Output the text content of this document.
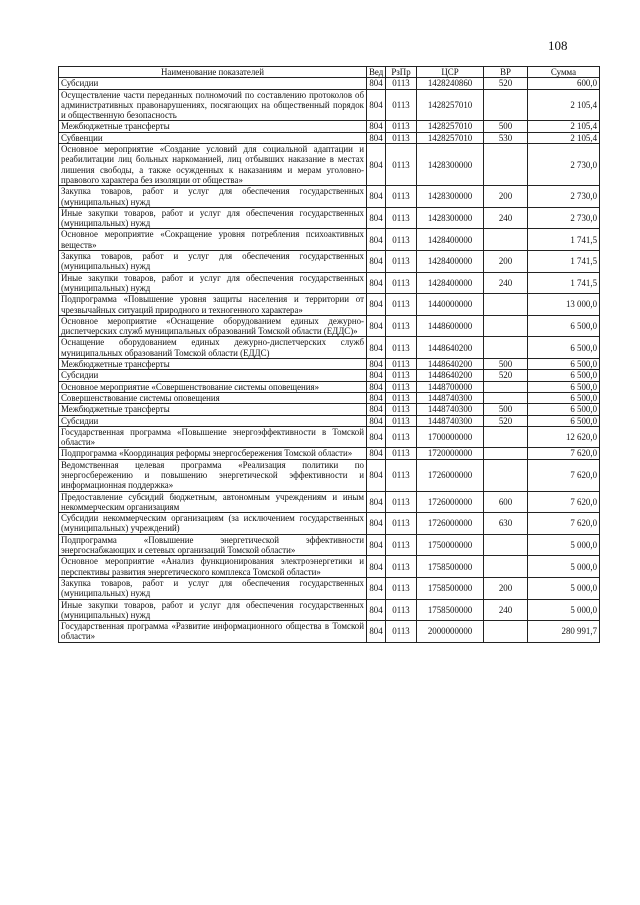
108
Наименование показателей	Вед	РзПр	ЦСР	ВР	Сумма
Субсидии	804	0113	1428240860	520	600,0
Осуществление части переданных полномочий по составлению протоколов об административных правонарушениях, посягающих на общественный порядок и общественную безопасность	804	0113	1428257010		2 105,4
Межбюджетные трансферты	804	0113	1428257010	500	2 105,4
Субвенции	804	0113	1428257010	530	2 105,4
Основное мероприятие «Создание условий для социальной адаптации и реабилитации лиц больных наркоманией, лиц отбывших наказание в местах лишения свободы, а также осужденных к наказаниям и мерам уголовно-правового характера без изоляции от общества»	804	0113	1428300000		2 730,0
Закупка товаров, работ и услуг для обеспечения государственных (муниципальных) нужд	804	0113	1428300000	200	2 730,0
Иные закупки товаров, работ и услуг для обеспечения государственных (муниципальных) нужд	804	0113	1428300000	240	2 730,0
Основное мероприятие «Сокращение уровня потребления психоактивных веществ»	804	0113	1428400000		1 741,5
Закупка товаров, работ и услуг для обеспечения государственных (муниципальных) нужд	804	0113	1428400000	200	1 741,5
Иные закупки товаров, работ и услуг для обеспечения государственных (муниципальных) нужд	804	0113	1428400000	240	1 741,5
Подпрограмма «Повышение уровня защиты населения и территории от чрезвычайных ситуаций природного и техногенного характера»	804	0113	1440000000		13 000,0
Основное мероприятие «Оснащение оборудованием единых дежурно-диспетчерских служб муниципальных образований Томской области (ЕДДС)»	804	0113	1448600000		6 500,0
Оснащение оборудованием единых дежурно-диспетчерских служб муниципальных образований Томской области (ЕДДС)	804	0113	1448640200		6 500,0
Межбюджетные трансферты	804	0113	1448640200	500	6 500,0
Субсидии	804	0113	1448640200	520	6 500,0
Основное мероприятие «Совершенствование системы оповещения»	804	0113	1448700000		6 500,0
Совершенствование системы оповещения	804	0113	1448740300		6 500,0
Межбюджетные трансферты	804	0113	1448740300	500	6 500,0
Субсидии	804	0113	1448740300	520	6 500,0
Государственная программа «Повышение энергоэффективности в Томской области»	804	0113	1700000000		12 620,0
Подпрограмма «Координация реформы энергосбережения Томской области»	804	0113	1720000000		7 620,0
Ведомственная целевая программа «Реализация политики по энергосбережению и повышению энергетической эффективности и информационная поддержка»	804	0113	1726000000		7 620,0
Предоставление субсидий бюджетным, автономным учреждениям и иным некоммерческим организациям	804	0113	1726000000	600	7 620,0
Субсидии некоммерческим организациям (за исключением государственных (муниципальных) учреждений)	804	0113	1726000000	630	7 620,0
Подпрограмма «Повышение энергетической эффективности энергоснабжающих и сетевых организаций Томской области»	804	0113	1750000000		5 000,0
Основное мероприятие «Анализ функционирования электроэнергетики и перспективы развития энергетического комплекса Томской области»	804	0113	1758500000		5 000,0
Закупка товаров, работ и услуг для обеспечения государственных (муниципальных) нужд	804	0113	1758500000	200	5 000,0
Иные закупки товаров, работ и услуг для обеспечения государственных (муниципальных) нужд	804	0113	1758500000	240	5 000,0
Государственная программа «Развитие информационного общества в Томской области»	804	0113	2000000000		280 991,7
